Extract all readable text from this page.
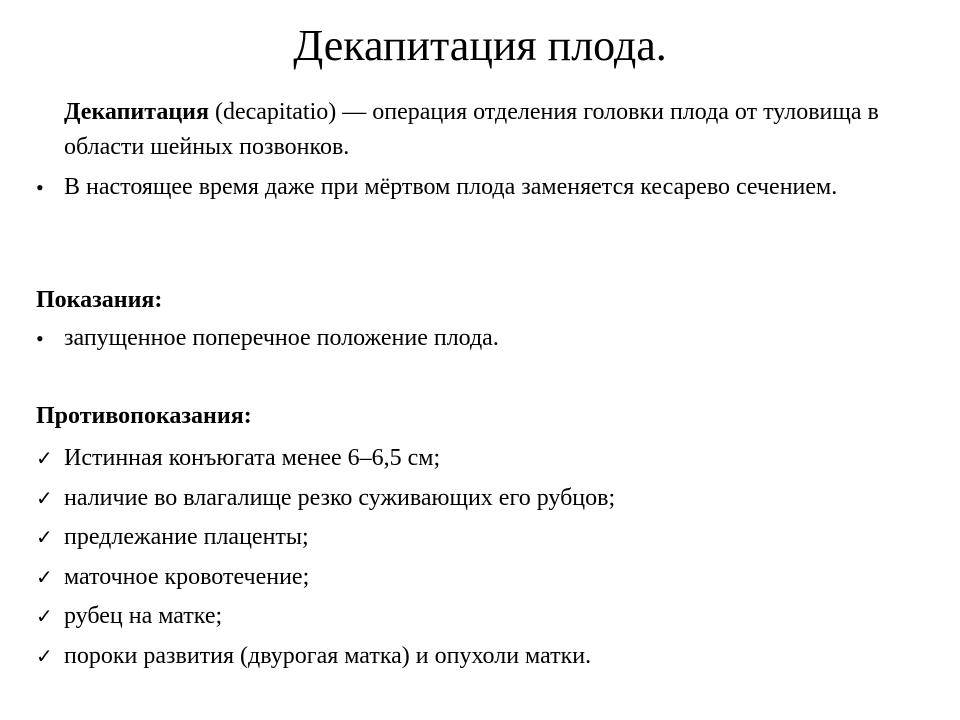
Декапитация плода.
Декапитация (decapitatio) — операция отделения головки плода от туловища в области шейных позвонков.
• В настоящее время даже при мёртвом плода заменяется кесарево сечением.
Показания:
• запущенное поперечное положение плода.
Противопоказания:
✓ Истинная конъюгата менее 6–6,5 см;
✓ наличие во влагалище резко суживающих его рубцов;
✓ предлежание плаценты;
✓ маточное кровотечение;
✓ рубец на матке;
✓ пороки развития (двурогая матка) и опухоли матки.
